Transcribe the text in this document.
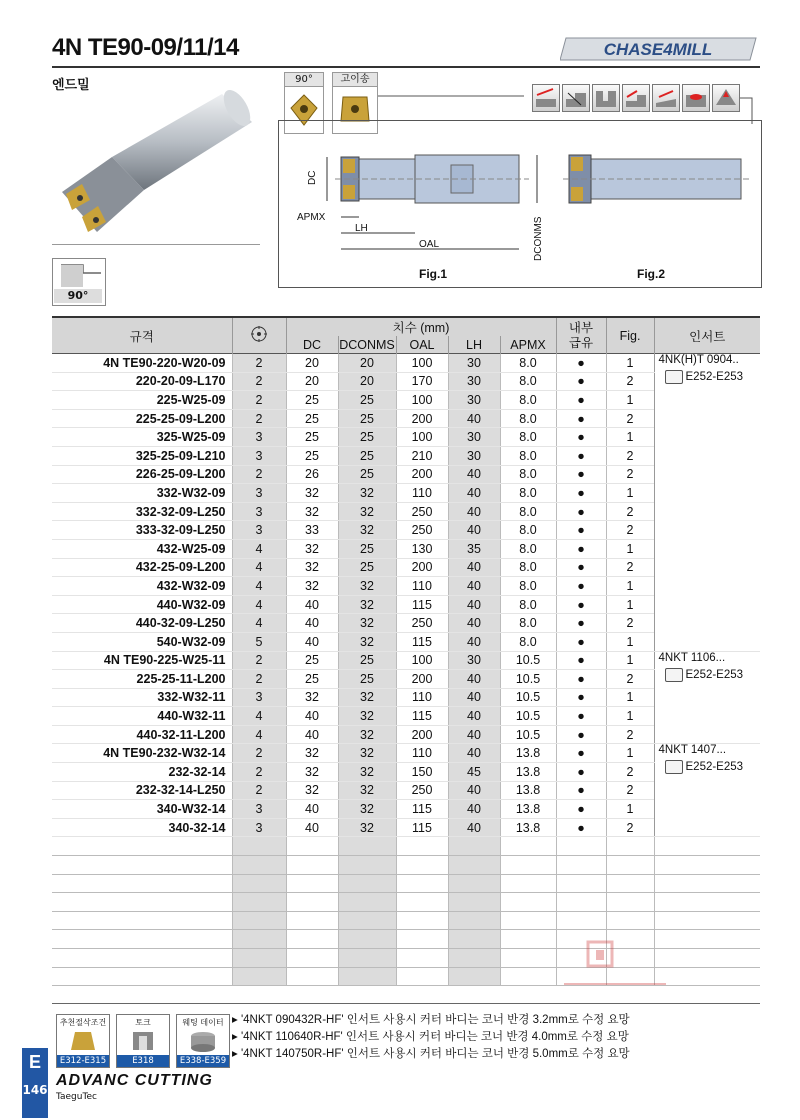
4N TE90-09/11/14
엔드밀
CHASE4MILL
90°
90°	고이송
DC
APMX
LH
OAL	DCONMS
Fig.1	Fig.2
규격		치수 (mm)					내부
급유	Fig.	인서트
		DC	DCONMS	OAL	LH	APMX			
4N TE90-220-W20-09	2	20	20	100	30	8.0	●	1	4NK(H)T 0904..
E252-E253
220-20-09-L170	2	20	20	170	30	8.0	●	2	
225-W25-09	2	25	25	100	30	8.0	●	1	
225-25-09-L200	2	25	25	200	40	8.0	●	2	
325-W25-09	3	25	25	100	30	8.0	●	1	
325-25-09-L210	3	25	25	210	30	8.0	●	2	
226-25-09-L200	2	26	25	200	40	8.0	●	2	
332-W32-09	3	32	32	110	40	8.0	●	1	
332-32-09-L250	3	32	32	250	40	8.0	●	2	
333-32-09-L250	3	33	32	250	40	8.0	●	2	
432-W25-09	4	32	25	130	35	8.0	●	1	
432-25-09-L200	4	32	25	200	40	8.0	●	2	
432-W32-09	4	32	32	110	40	8.0	●	1	
440-W32-09	4	40	32	115	40	8.0	●	1	
440-32-09-L250	4	40	32	250	40	8.0	●	2	
540-W32-09	5	40	32	115	40	8.0	●	1	
4N TE90-225-W25-11	2	25	25	100	30	10.5	●	1	4NKT 1106...
E252-E253
225-25-11-L200	2	25	25	200	40	10.5	●	2	
332-W32-11	3	32	32	110	40	10.5	●	1	
440-W32-11	4	40	32	115	40	10.5	●	1	
440-32-11-L200	4	40	32	200	40	10.5	●	2	
4N TE90-232-W32-14	2	32	32	110	40	13.8	●	1	4NKT 1407...
E252-E253
232-32-14	2	32	32	150	45	13.8	●	2	
232-32-14-L250	2	32	32	250	40	13.8	●	2	
340-W32-14	3	40	32	115	40	13.8	●	1	
340-32-14	3	40	32	115	40	13.8	●	2	

추천절삭조건
E312-E315
토크
E318
웨팅 데이터
E338-E359
▸ '4NKT 090432R-HF' 인서트 사용시 커터 바디는 코너 반경 3.2mm로 수정 요망
▸ '4NKT 110640R-HF' 인서트 사용시 커터 바디는 코너 반경 4.0mm로 수정 요망
▸ '4NKT 140750R-HF' 인서트 사용시 커터 바디는 코너 반경 5.0mm로 수정 요망
E
146
ADVANC CUTTING
TaeguTec
